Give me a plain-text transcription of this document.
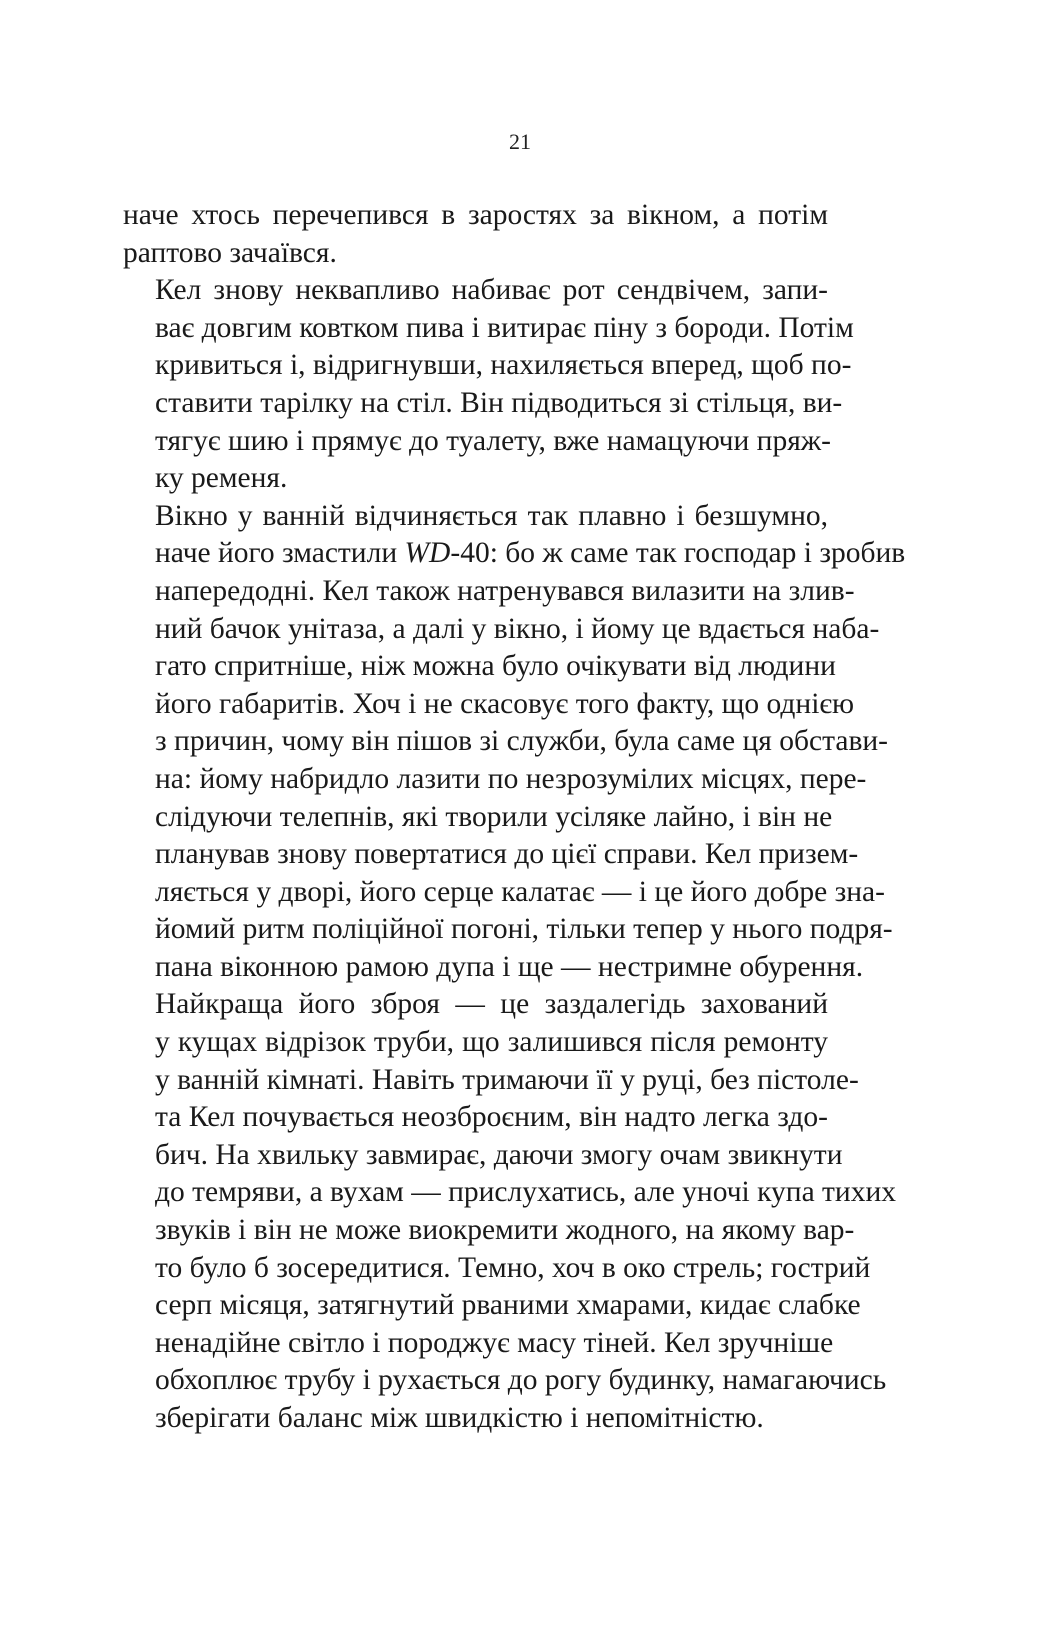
21

наче хтось перечепився в заростях за вікном, а потім
раптово зачаївся.

Кел знову неквапливо набиває рот сендвічем, запи-
ває довгим ковтком пива і витирає піну з бороди. Потім
кривиться і, відригнувши, нахиляється вперед, щоб по-
ставити тарілку на стіл. Він підводиться зі стільця, ви-
тягує шию і прямує до туалету, вже намацуючи пряж-
ку ременя.

Вікно у ванній відчиняється так плавно і безшумно,
наче його змастили WD-40: бо ж саме так господар і зробив
напередодні. Кел також натренувався вилазити на злив-
ний бачок унітаза, а далі у вікно, і йому це вдається наба-
гато спритніше, ніж можна було очікувати від людини
його габаритів. Хоч і не скасовує того факту, що однією
з причин, чому він пішов зі служби, була саме ця обстави-
на: йому набридло лазити по незрозумілих місцях, пере-
слідуючи телепнів, які творили усіляке лайно, і він не
планував знову повертатися до цієї справи. Кел призем-
ляється у дворі, його серце калатає — і це його добре зна-
йомий ритм поліційної погоні, тільки тепер у нього подря-
пана віконною рамою дупа і ще — нестримне обурення.

Найкраща його зброя — це заздалегідь захований
у кущах відрізок труби, що залишився після ремонту
у ванній кімнаті. Навіть тримаючи її у руці, без пістоле-
та Кел почувається неозброєним, він надто легка здо-
бич. На хвильку завмирає, даючи змогу очам звикнути
до темряви, а вухам — прислухатись, але уночі купа тихих
звуків і він не може виокремити жодного, на якому вар-
то було б зосередитися. Темно, хоч в око стрель; гострий
серп місяця, затягнутий рваними хмарами, кидає слабке
ненадійне світло і породжує масу тіней. Кел зручніше
обхоплює трубу і рухається до рогу будинку, намагаючись
зберігати баланс між швидкістю і непомітністю.
